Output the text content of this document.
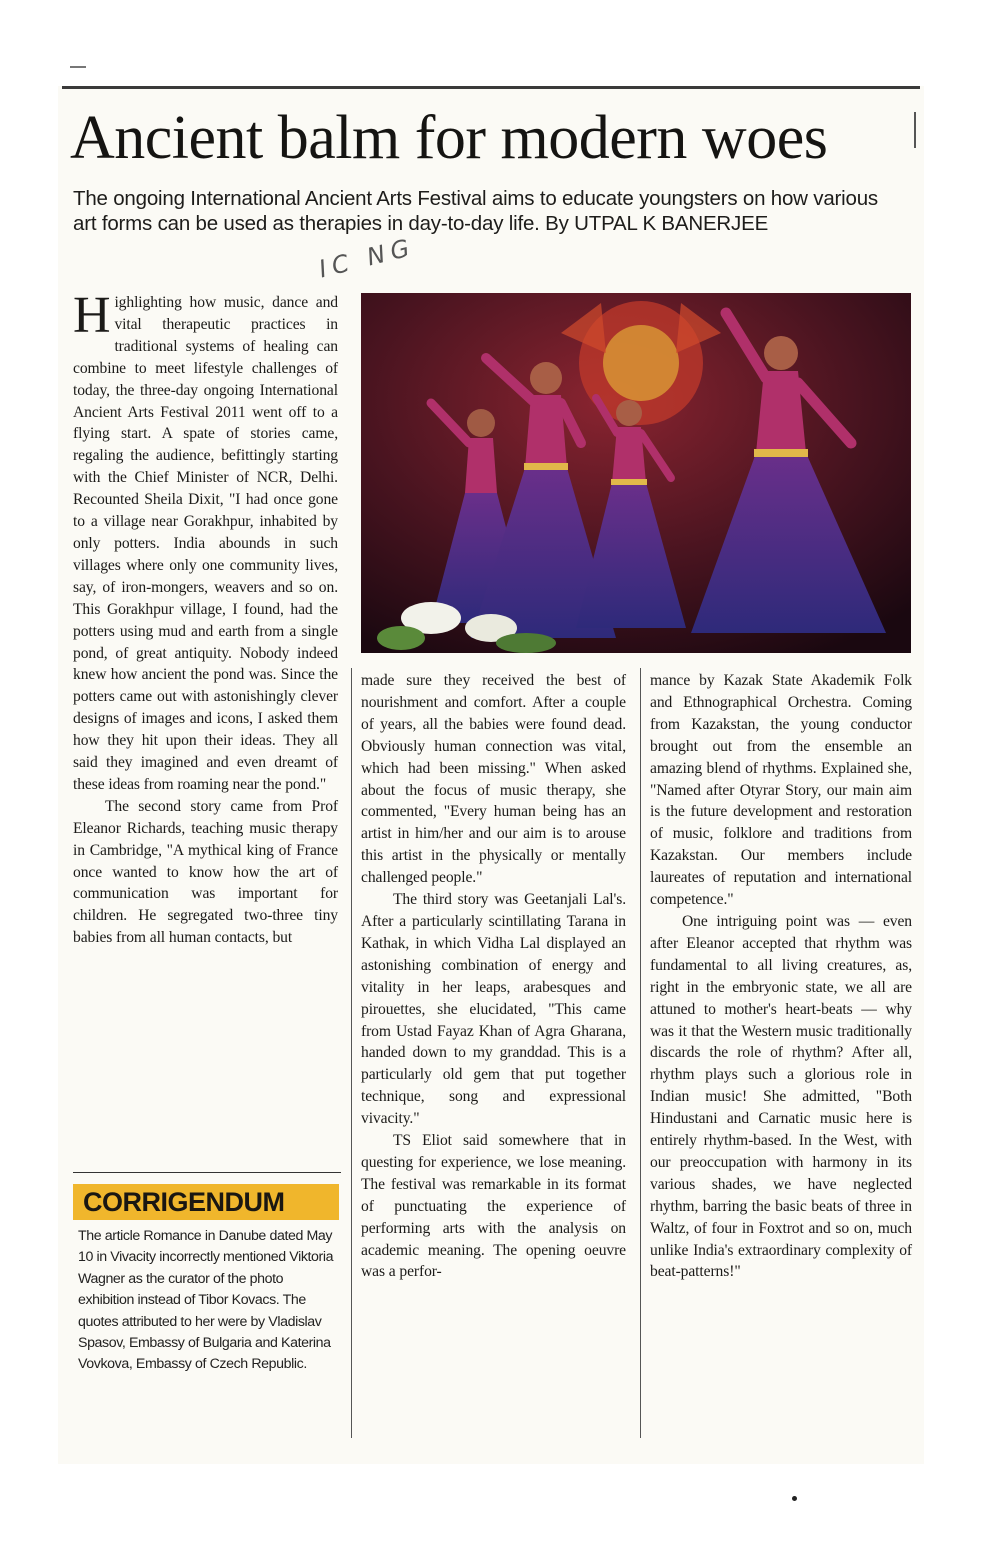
Ancient balm for modern woes

The ongoing International Ancient Arts Festival aims to educate youngsters on how various art forms can be used as therapies in day-to-day life. By UTPAL K BANERJEE

IC NG

Highlighting how music, dance and vital therapeutic practices in traditional systems of healing can combine to meet lifestyle challenges of today, the three-day ongoing International Ancient Arts Festival 2011 went off to a flying start. A spate of stories came, regaling the audience, befittingly starting with the Chief Minister of NCR, Delhi. Recounted Sheila Dixit, "I had once gone to a village near Gorakhpur, inhabited by only potters. India abounds in such villages where only one community lives, say, of iron-mongers, weavers and so on. This Gorakhpur village, I found, had the potters using mud and earth from a single pond, of great antiquity. Nobody indeed knew how ancient the pond was. Since the potters came out with astonishingly clever designs of images and icons, I asked them how they hit upon their ideas. They all said they imagined and even dreamt of these ideas from roaming near the pond."

The second story came from Prof Eleanor Richards, teaching music therapy in Cambridge, "A mythical king of France once wanted to know how the art of communication was important for children. He segregated two-three tiny babies from all human contacts, but

made sure they received the best of nourishment and comfort. After a couple of years, all the babies were found dead. Obviously human connection was vital, which had been missing." When asked about the focus of music therapy, she commented, "Every human being has an artist in him/her and our aim is to arouse this artist in the physically or mentally challenged people."

The third story was Geetanjali Lal's. After a particularly scintillating Tarana in Kathak, in which Vidha Lal displayed an astonishing combination of energy and vitality in her leaps, arabesques and pirouettes, she elucidated, "This came from Ustad Fayaz Khan of Agra Gharana, handed down to my granddad. This is a particularly old gem that put together technique, song and expressional vivacity."

TS Eliot said somewhere that in questing for experience, we lose meaning. The festival was remarkable in its format of punctuating the experience of performing arts with the analysis on academic meaning. The opening oeuvre was a perfor-

mance by Kazak State Akademik Folk and Ethnographical Orchestra. Coming from Kazakstan, the young conductor brought out from the ensemble an amazing blend of rhythms. Explained she, "Named after Otyrar Story, our main aim is the future development and restoration of music, folklore and traditions from Kazakstan. Our members include laureates of reputation and international competence."

One intriguing point was — even after Eleanor accepted that rhythm was fundamental to all living creatures, as, right in the embryonic state, we all are attuned to mother's heart-beats — why was it that the Western music traditionally discards the role of rhythm? After all, rhythm plays such a glorious role in Indian music! She admitted, "Both Hindustani and Carnatic music here is entirely rhythm-based. In the West, with our preoccupation with harmony in its various shades, we have neglected rhythm, barring the basic beats of three in Waltz, of four in Foxtrot and so on, much unlike India's extraordinary complexity of beat-patterns!"

CORRIGENDUM

The article Romance in Danube dated May 10 in Vivacity incorrectly mentioned Viktoria Wagner as the curator of the photo exhibition instead of Tibor Kovacs. The quotes attributed to her were by Vladislav Spasov, Embassy of Bulgaria and Katerina Vovkova, Embassy of Czech Republic.
